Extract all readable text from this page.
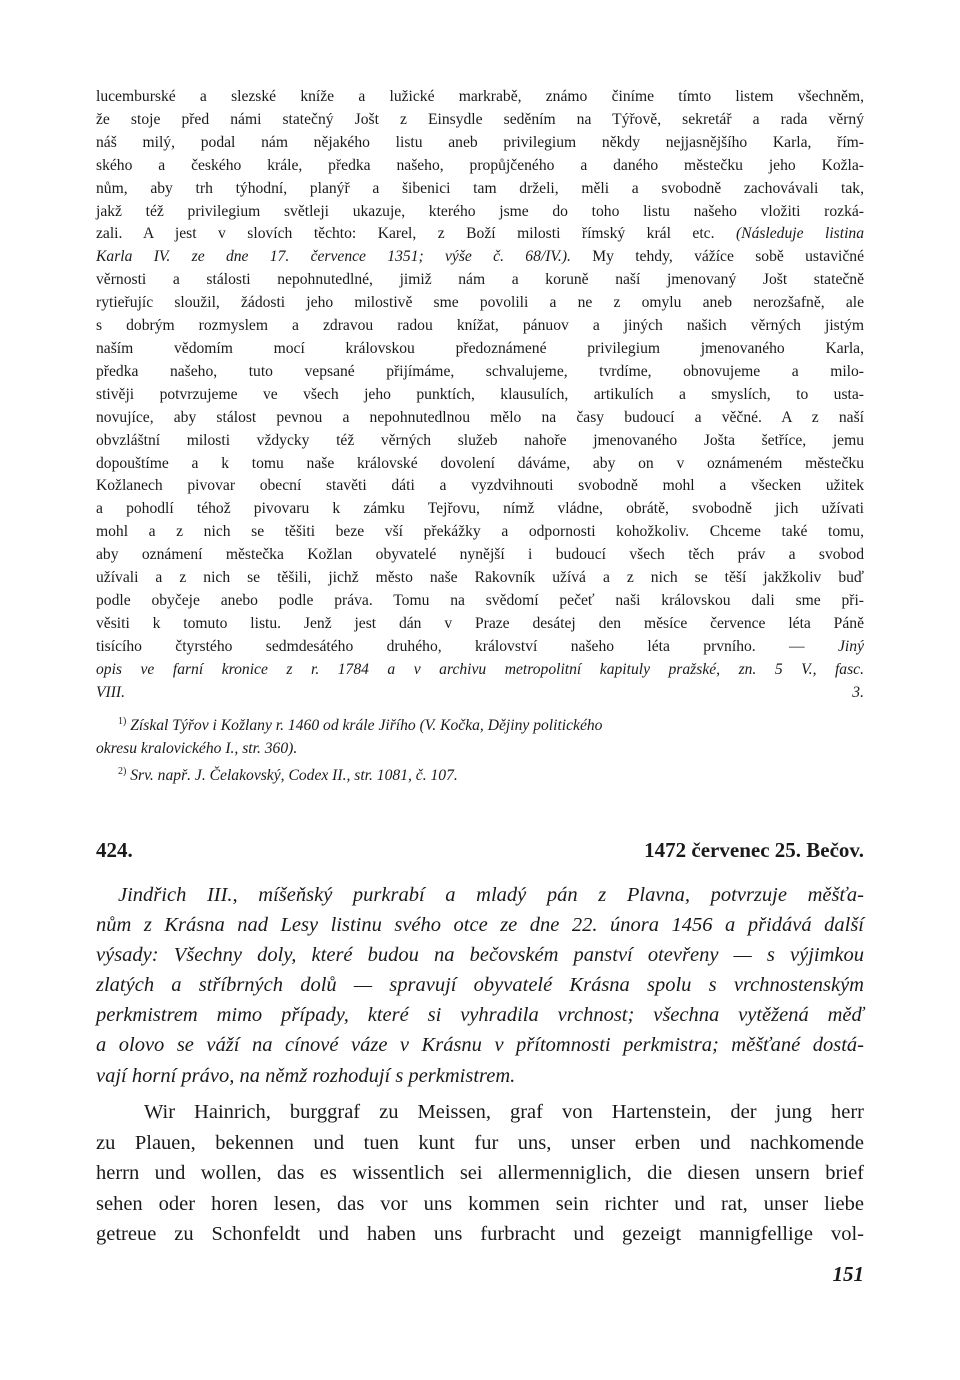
lucemburské a slezské kníže a lužické markrabě, známo činíme tímto listem všechněm,
že stoje před námi statečný Jošt z Einsydle seděním na Týřově, sekretář a rada věrný
náš milý, podal nám nějakého listu aneb privilegium někdy nejjasnějšího Karla, řím-
ského a českého krále, předka našeho, propůjčeného a daného městečku jeho Kožla-
nům, aby trh týhodní, planýř a šibenici tam drželi, měli a svobodně zachovávali tak,
jakž též privilegium světleji ukazuje, kterého jsme do toho listu našeho vložiti rozká-
zali. A jest v slovích těchto: Karel, z Boží milosti římský král etc. (Následuje listina
Karla IV. ze dne 17. července 1351; výše č. 68/IV.). My tehdy, vážíce sobě ustavičné
věrnosti a stálosti nepohnutedlné, jimiž nám a koruně naší jmenovaný Jošt statečně
rytieřujíc sloužil, žádosti jeho milostivě sme povolili a ne z omylu aneb nerozšafně, ale
s dobrým rozmyslem a zdravou radou knížat, pánuov a jiných našich věrných jistým
naším vědomím mocí královskou předoznámené privilegium jmenovaného Karla,
předka našeho, tuto vepsané přijímáme, schvalujeme, tvrdíme, obnovujeme a milo-
stivěji potvrzujeme ve všech jeho punktích, klausulích, artikulích a smyslích, to usta-
novujíce, aby stálost pevnou a nepohnutedlnou mělo na časy budoucí a věčné. A z naší
obvzláštní milosti vždycky též věrných služeb nahoře jmenovaného Jošta šetříce, jemu
dopouštíme a k tomu naše královské dovolení dáváme, aby on v oznámeném městečku
Kožlanech pivovar obecní stavěti dáti a vyzdvihnouti svobodně mohl a všecken užitek
a pohodlí téhož pivovaru k zámku Tejřovu, nímž vládne, obrátě, svobodně jich užívati
mohl a z nich se těšiti beze vší překážky a odpornosti kohožkoliv. Chceme také tomu,
aby oznámení městečka Kožlan obyvatelé nynější i budoucí všech těch práv a svobod
užívali a z nich se těšili, jichž město naše Rakovník užívá a z nich se těší jakžkoliv buď
podle obyčeje anebo podle práva. Tomu na svědomí pečeť naši královskou dali sme při-
věsiti k tomuto listu. Jenž jest dán v Praze desátej den měsíce července léta Páně
tisícího čtyrstého sedmdesátého druhého, království našeho léta prvního. — Jiný
opis ve farní kronice z r. 1784 a v archivu metropolitní kapituly pražské, zn. 5 V., fasc.
VIII. 3.
$^{1)}$ Získal Týřov i Kožlany r. 1460 od krále Jiřího (V. Kočka, Dějiny politického
okresu kralovického I., str. 360).
$^{2)}$ Srv. např. J. Čelakovský, Codex II., str. 1081, č. 107.
424.	1472 červenec 25. Bečov.
Jindřich III., míšeňský purkrabí a mladý pán z Plavna, potvrzuje měšťa-
nům z Krásna nad Lesy listinu svého otce ze dne 22. února 1456 a přidává další
výsady: Všechny doly, které budou na bečovském panství otevřeny — s výjimkou
zlatých a stříbrných dolů — spravují obyvatelé Krásna spolu s vrchnostenským
perkmistrem mimo případy, které si vyhradila vrchnost; všechna vytěžená měď
a olovo se váží na cínové váze v Krásnu v přítomnosti perkmistra; měšťané dostá-
vají horní právo, na němž rozhodují s perkmistrem.
Wir Hainrich, burggraf zu Meissen, graf von Hartenstein, der jung herr
zu Plauen, bekennen und tuen kunt fur uns, unser erben und nachkomende
herrn und wollen, das es wissentlich sei allermenniglich, die diesen unsern brief
sehen oder horen lesen, das vor uns kommen sein richter und rat, unser liebe
getreue zu Schonfeldt und haben uns furbracht und gezeigt mannigfellige vol-
151
